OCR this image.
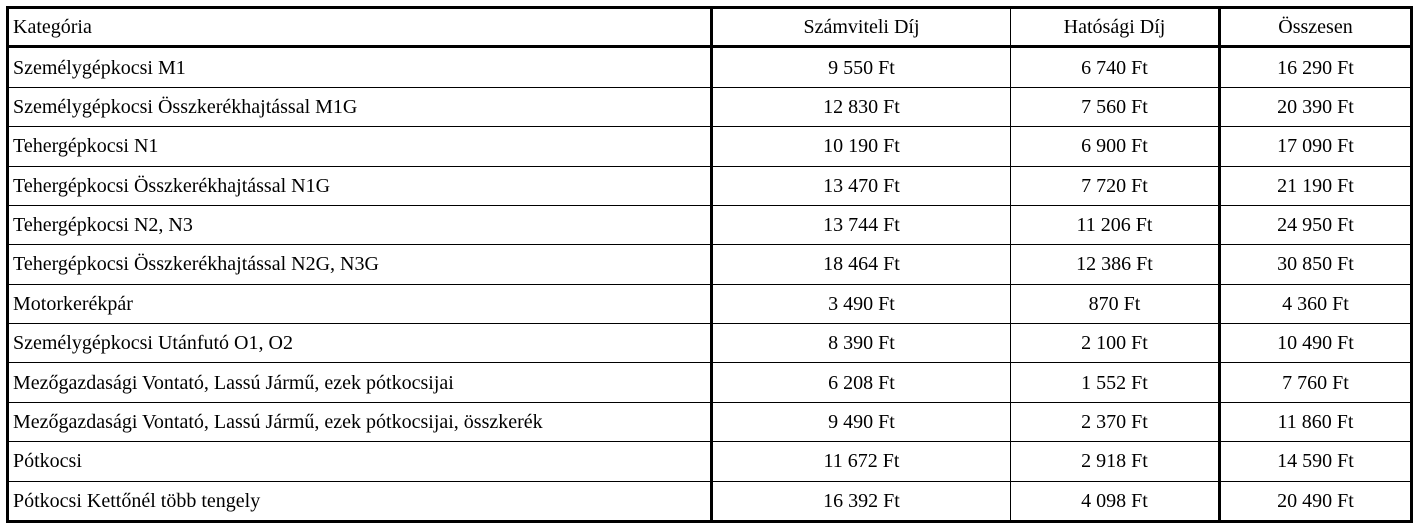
Kategória	Számviteli Díj	Hatósági Díj	Összesen
Személygépkocsi M1	9 550 Ft	6 740 Ft	16 290 Ft
Személygépkocsi Összkerékhajtással M1G	12 830 Ft	7 560 Ft	20 390 Ft
Tehergépkocsi N1	10 190 Ft	6 900 Ft	17 090 Ft
Tehergépkocsi Összkerékhajtással N1G	13 470 Ft	7 720 Ft	21 190 Ft
Tehergépkocsi N2, N3	13 744 Ft	11 206 Ft	24 950 Ft
Tehergépkocsi Összkerékhajtással N2G, N3G	18 464 Ft	12 386 Ft	30 850 Ft
Motorkerékpár	3 490 Ft	870 Ft	4 360 Ft
Személygépkocsi Utánfutó O1, O2	8 390 Ft	2 100 Ft	10 490 Ft
Mezőgazdasági Vontató, Lassú Jármű, ezek pótkocsijai	6 208 Ft	1 552 Ft	7 760 Ft
Mezőgazdasági Vontató, Lassú Jármű, ezek pótkocsijai, összkerék	9 490 Ft	2 370 Ft	11 860 Ft
Pótkocsi	11 672 Ft	2 918 Ft	14 590 Ft
Pótkocsi Kettőnél több tengely	16 392 Ft	4 098 Ft	20 490 Ft
